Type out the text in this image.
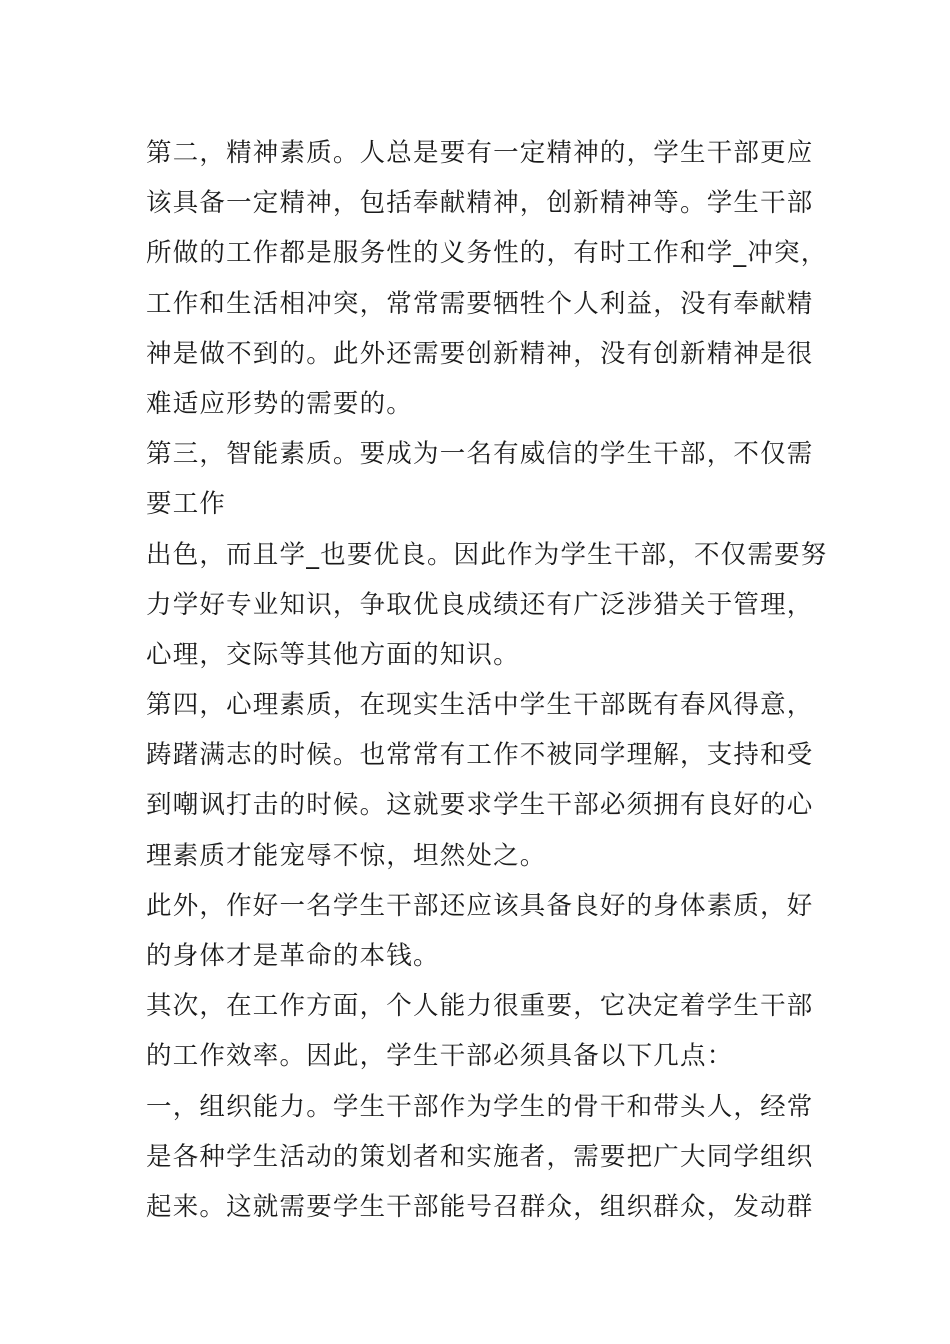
第二，精神素质。人总是要有一定精神的，学生干部更应
该具备一定精神，包括奉献精神，创新精神等。学生干部
所做的工作都是服务性的义务性的，有时工作和学_冲突，
工作和生活相冲突，常常需要牺牲个人利益，没有奉献精
神是做不到的。此外还需要创新精神，没有创新精神是很
难适应形势的需要的。
第三，智能素质。要成为一名有威信的学生干部，不仅需
要工作
出色，而且学_也要优良。因此作为学生干部，不仅需要努
力学好专业知识，争取优良成绩还有广泛涉猎关于管理，
心理，交际等其他方面的知识。
第四，心理素质，在现实生活中学生干部既有春风得意，
踌躇满志的时候。也常常有工作不被同学理解，支持和受
到嘲讽打击的时候。这就要求学生干部必须拥有良好的心
理素质才能宠辱不惊，坦然处之。
此外，作好一名学生干部还应该具备良好的身体素质，好
的身体才是革命的本钱。
其次，在工作方面，个人能力很重要，它决定着学生干部
的工作效率。因此，学生干部必须具备以下几点：
一，组织能力。学生干部作为学生的骨干和带头人，经常
是各种学生活动的策划者和实施者，需要把广大同学组织
起来。这就需要学生干部能号召群众，组织群众，发动群
